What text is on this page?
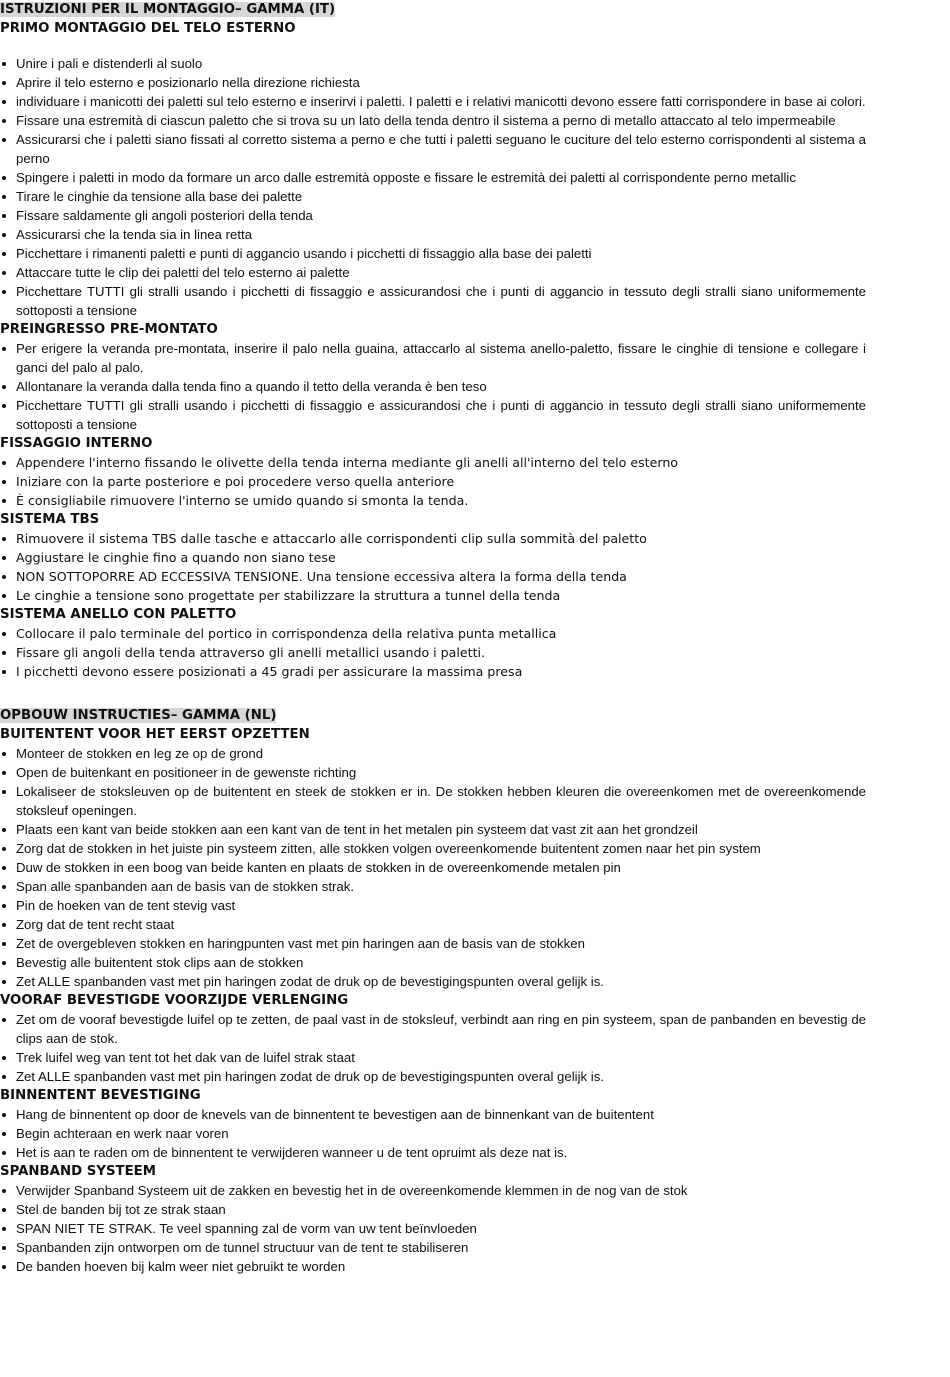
ISTRUZIONI PER IL MONTAGGIO– GAMMA (IT)
PRIMO MONTAGGIO DEL TELO ESTERNO
Unire i pali e distenderli al suolo
Aprire il telo esterno e posizionarlo nella direzione richiesta
individuare i manicotti dei paletti sul telo esterno e inserirvi i paletti. I paletti e i relativi manicotti devono essere fatti corrispondere in base ai colori.
Fissare una estremità di ciascun paletto che si trova su un lato della tenda dentro il sistema a perno di metallo attaccato al telo impermeabile
Assicurarsi che i paletti siano fissati al corretto sistema a perno e che tutti i paletti seguano le cuciture del telo esterno corrispondenti al sistema a perno
Spingere i paletti in modo da formare un arco dalle estremità opposte e fissare le estremità dei paletti al corrispondente perno metallic
Tirare le cinghie da tensione alla base dei palette
Fissare saldamente gli angoli posteriori della tenda
Assicurarsi che la tenda sia in linea retta
Picchettare i rimanenti paletti e punti di aggancio usando i picchetti di fissaggio alla base dei paletti
Attaccare tutte le clip dei paletti del telo esterno ai palette
Picchettare TUTTI gli stralli usando i picchetti di fissaggio e assicurandosi che i punti di aggancio in tessuto degli stralli siano uniformemente sottoposti a tensione
PREINGRESSO PRE-MONTATO
Per erigere la veranda pre-montata, inserire il palo nella guaina, attaccarlo al sistema anello-paletto, fissare le cinghie di tensione e collegare i ganci del palo al palo.
Allontanare la veranda dalla tenda fino a quando il tetto della veranda è ben teso
Picchettare TUTTI gli stralli usando i picchetti di fissaggio e assicurandosi che i punti di aggancio in tessuto degli stralli siano uniformemente sottoposti a tensione
FISSAGGIO INTERNO
Appendere l'interno fissando le olivette della tenda interna mediante gli anelli all'interno del telo esterno
Iniziare con la parte posteriore e poi procedere verso quella anteriore
È consigliabile rimuovere l'interno se umido quando si smonta la tenda.
SISTEMA TBS
Rimuovere il sistema TBS dalle tasche e attaccarlo alle corrispondenti clip sulla sommità del paletto
Aggiustare le cinghie fino a quando non siano tese
NON SOTTOPORRE AD ECCESSIVA TENSIONE. Una tensione eccessiva altera la forma della tenda
Le cinghie a tensione sono progettate per stabilizzare la struttura a tunnel della tenda
SISTEMA ANELLO CON PALETTO
Collocare il palo terminale del portico in corrispondenza della relativa punta metallica
Fissare gli angoli della tenda attraverso gli anelli metallici usando i paletti.
I picchetti devono essere posizionati a 45 gradi per assicurare la massima presa
OPBOUW INSTRUCTIES– GAMMA (NL)
BUITENTENT VOOR HET EERST OPZETTEN
Monteer de stokken en leg ze op de grond
Open de buitenkant en positioneer in de gewenste richting
Lokaliseer de stoksleuven op de buitentent en steek de stokken er in. De stokken hebben kleuren die overeenkomen met de overeenkomende stoksleuf openingen.
Plaats een kant van beide stokken aan een kant van de tent in het metalen pin systeem dat vast zit aan het grondzeil
Zorg dat de stokken in het juiste pin systeem zitten, alle stokken volgen overeenkomende buitentent zomen naar het pin system
Duw de stokken in een boog van beide kanten en plaats de stokken in de overeenkomende metalen pin
Span alle spanbanden aan de basis van de stokken strak.
Pin de hoeken van de tent stevig vast
Zorg dat de tent recht staat
Zet de overgebleven stokken en haringpunten vast met pin haringen aan de basis van de stokken
Bevestig alle buitentent stok clips aan de stokken
Zet ALLE spanbanden vast met pin haringen zodat de druk op de bevestigingspunten overal gelijk is.
VOORAF BEVESTIGDE VOORZIJDE VERLENGING
Zet om de vooraf bevestigde luifel op te zetten, de paal vast in de stoksleuf, verbindt aan ring en pin systeem, span de panbanden en bevestig de clips aan de stok.
Trek luifel weg van tent tot het dak van de luifel strak staat
Zet ALLE spanbanden vast met pin haringen zodat de druk op de bevestigingspunten overal gelijk is.
BINNENTENT BEVESTIGING
Hang de binnentent op door de knevels van de binnentent te bevestigen aan de binnenkant van de buitentent
Begin achteraan en werk naar voren
Het is aan te raden om de binnentent te verwijderen wanneer u de tent opruimt als deze nat is.
SPANBAND SYSTEEM
Verwijder Spanband Systeem uit de zakken en bevestig het in de overeenkomende klemmen in de nog van de stok
Stel de banden bij tot ze strak staan
SPAN NIET TE STRAK. Te veel spanning zal de vorm van uw tent beïnvloeden
Spanbanden zijn ontworpen om de tunnel structuur van de tent te stabiliseren
De banden hoeven bij kalm weer niet gebruikt te worden
